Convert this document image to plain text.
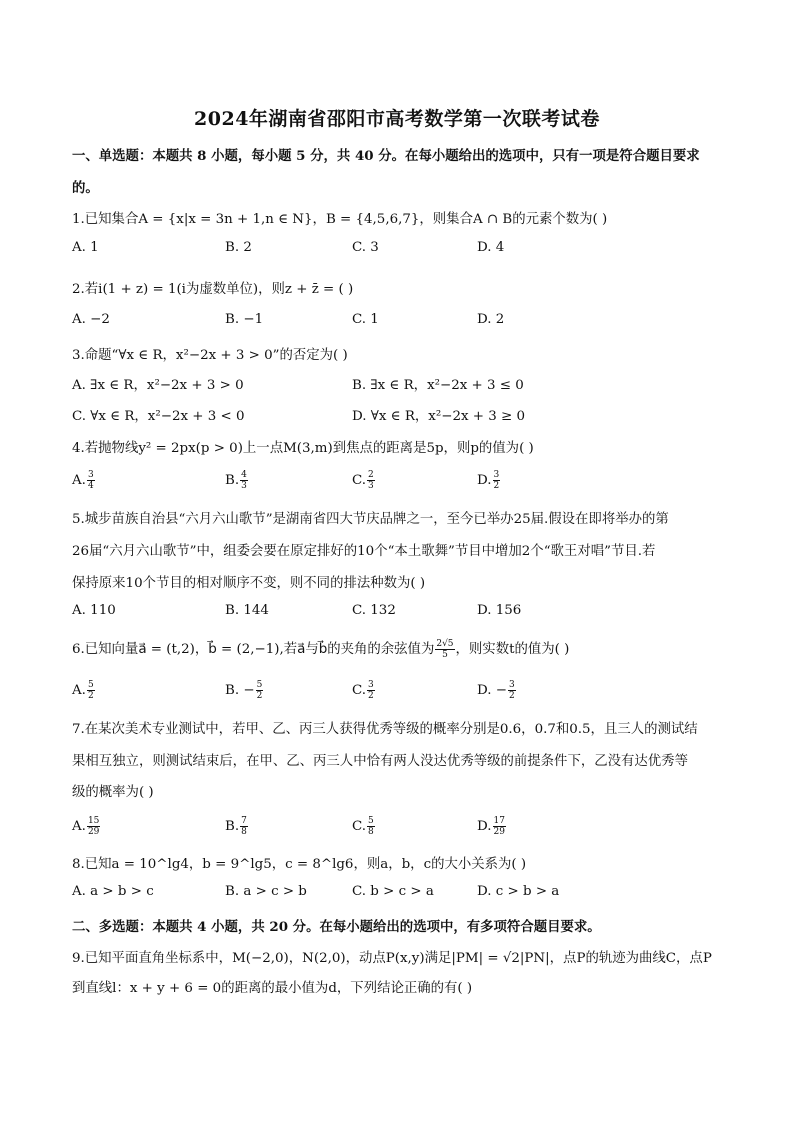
2024年湖南省邵阳市高考数学第一次联考试卷
一、单选题：本题共 8 小题，每小题 5 分，共 40 分。在每小题给出的选项中，只有一项是符合题目要求
的。
1.已知集合A = {x|x = 3n + 1,n ∈ N}，B = {4,5,6,7}，则集合A ∩ B的元素个数为( )
A. 1	B. 2	C. 3	D. 4
2.若i(1 + z) = 1(i为虚数单位)，则z + z̄ = ( )
A. −2	B. −1	C. 1	D. 2
3.命题“∀x ∈ R，x²−2x + 3 > 0”的否定为( )
A. ∃x ∈ R，x²−2x + 3 > 0	B. ∃x ∈ R，x²−2x + 3 ≤ 0
C. ∀x ∈ R，x²−2x + 3 < 0	D. ∀x ∈ R，x²−2x + 3 ≥ 0
4.若抛物线y² = 2px(p > 0)上一点M(3,m)到焦点的距离是5p，则p的值为( )
A. $\frac{3}{4}$	B. $\frac{4}{3}$	C. $\frac{2}{3}$	D. $\frac{3}{2}$
5.城步苗族自治县“六月六山歌节”是湖南省四大节庆品牌之一，至今已举办25届.假设在即将举办的第
26届“六月六山歌节”中，组委会要在原定排好的10个“本土歌舞”节目中增加2个“歌王对唱”节目.若
保持原来10个节目的相对顺序不变，则不同的排法种数为( )
A. 110	B. 144	C. 132	D. 156
6.已知向量a⃗ = (t,2)，b⃗ = (2,−1),若a⃗与b⃗的夹角的余弦值为 $\frac{2√5}{5}$ ，则实数t的值为( )
A. $\frac{5}{2}$	B. − $\frac{5}{2}$	C. $\frac{3}{2}$	D. − $\frac{3}{2}$
7.在某次美术专业测试中，若甲、乙、丙三人获得优秀等级的概率分别是0.6，0.7和0.5，且三人的测试结
果相互独立，则测试结束后，在甲、乙、丙三人中恰有两人没达优秀等级的前提条件下，乙没有达优秀等
级的概率为( )
A. $\frac{15}{29}$	B. $\frac{7}{8}$	C. $\frac{5}{8}$	D. $\frac{17}{29}$
8.已知a = 10^lg4，b = 9^lg5，c = 8^lg6，则a，b，c的大小关系为( )
A. a > b > c	B. a > c > b	C. b > c > a	D. c > b > a
二、多选题：本题共 4 小题，共 20 分。在每小题给出的选项中，有多项符合题目要求。
9.已知平面直角坐标系中，M(−2,0)，N(2,0)，动点P(x,y)满足|PM| = √2|PN|，点P的轨迹为曲线C，点P
到直线l：x + y + 6 = 0的距离的最小值为d，下列结论正确的有( )
